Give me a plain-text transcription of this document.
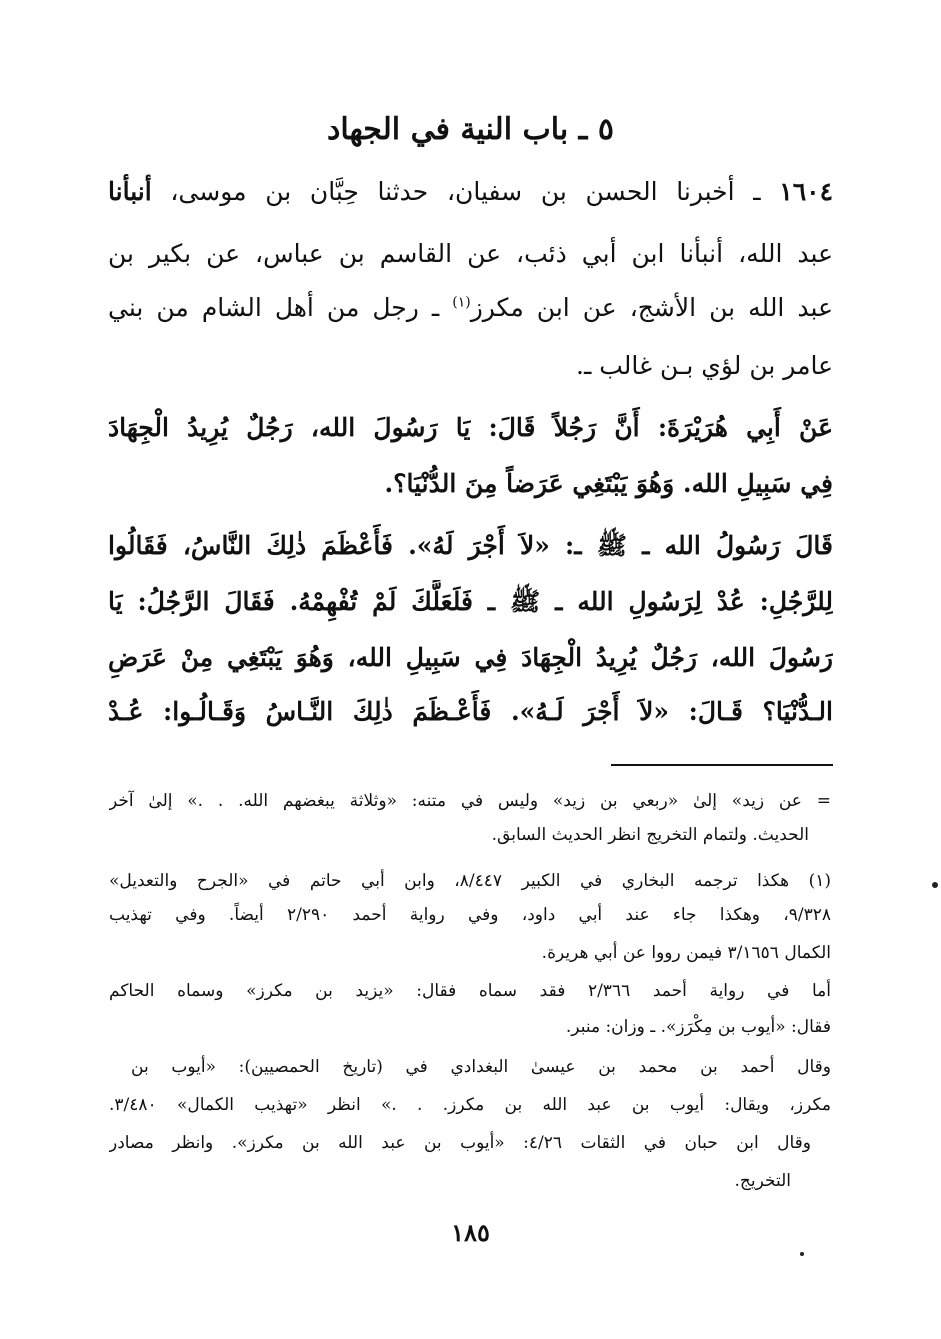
٥ ـ باب النية في الجهاد
١٦٠٤ ـ أخبرنا الحسن بن سفيان، حدثنا حِبَّان بن موسى، أنبأنا
عبد الله، أنبأنا ابن أبي ذئب، عن القاسم بن عباس، عن بكير بن
عبد الله بن الأشج، عن ابن مكرز$^{(١)}$ ـ رجل من أهل الشام من بني
عامر بن لؤي بـن غالب ـ.
عَنْ أَبِي هُرَيْرَةَ: أَنَّ رَجُلاً قَالَ: يَا رَسُولَ الله، رَجُلٌ يُرِيدُ الْجِهَادَ
فِي سَبِيلِ الله. وَهُوَ يَبْتَغِي عَرَضاً مِنَ الدُّنْيَا؟.
قَالَ رَسُولُ الله ـ ﷺ ـ: «لاَ أَجْرَ لَهُ». فَأَعْظَمَ ذٰلِكَ النَّاسُ، فَقَالُوا
لِلرَّجُلِ: عُدْ لِرَسُولِ الله ـ ﷺ ـ فَلَعَلَّكَ لَمْ تُفْهِمْهُ. فَقَالَ الرَّجُلُ: يَا
رَسُولَ الله، رَجُلٌ يُرِيدُ الْجِهَادَ فِي سَبِيلِ الله، وَهُوَ يَبْتَغِي مِنْ عَرَضِ
الـدُّنْيَا؟ قَـالَ: «لاَ أَجْرَ لَـهُ». فَأَعْـظَمَ ذٰلِكَ النَّـاسُ وَقَـالُـوا: عُـدْ
= عن زيد» إلىٰ «ربعي بن زيد» وليس في متنه: «وثلاثة يبغضهم الله. . .» إلىٰ آخر
الحديث. ولتمام التخريج انظر الحديث السابق.
(١) هكذا ترجمه البخاري في الكبير ٨/٤٤٧، وابن أبي حاتم في «الجرح والتعديل»
٩/٣٢٨، وهكذا جاء عند أبي داود، وفي رواية أحمد ٢/٢٩٠ أيضاً. وفي تهذيب
الكمال ٣/١٦٥٦ فيمن رووا عن أبي هريرة.
أما في رواية أحمد ٢/٣٦٦ فقد سماه فقال: «يزيد بن مكرز» وسماه الحاكم
فقال: «أيوب بن مِكْرَز». ـ وزان: منبر.
وقال أحمد بن محمد بن عيسىٰ البغدادي في (تاريخ الحمصيين): «أيوب بن
مكرز، ويقال: أيوب بن عبد الله بن مكرز. . .» انظر «تهذيب الكمال» ٣/٤٨٠.
وقال ابن حبان في الثقات ٤/٢٦: «أيوب بن عبد الله بن مكرز». وانظر مصادر
التخريج.
١٨٥
